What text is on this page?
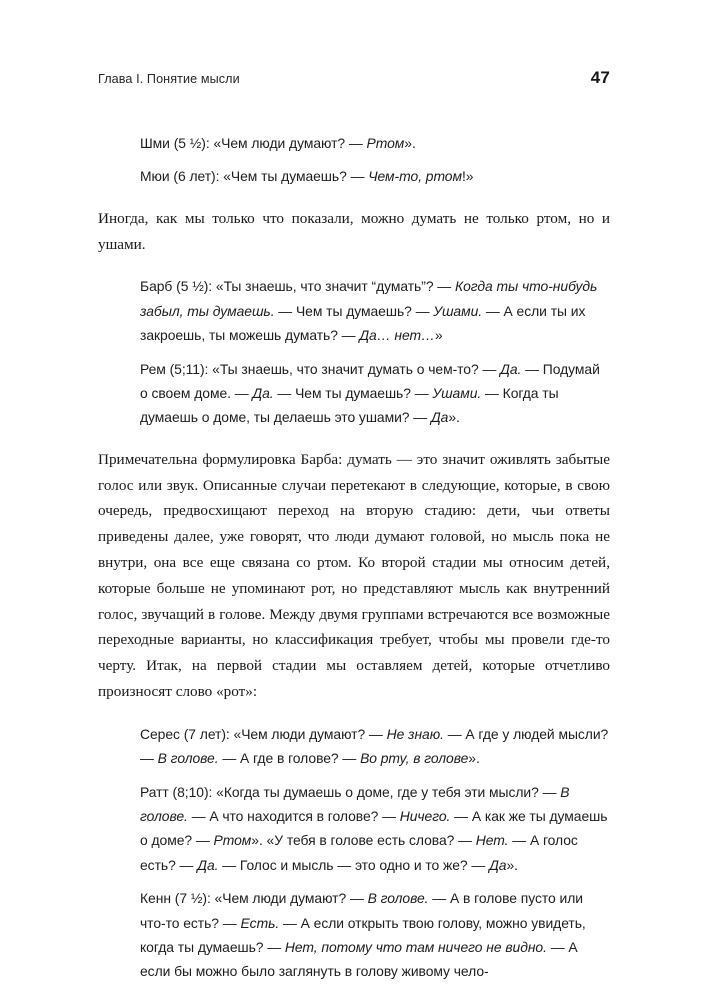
Глава I. Понятие мысли	47

Шми (5 ½): «Чем люди думают? — Ртом».

Мюи (6 лет): «Чем ты думаешь? — Чем-то, ртом!»

Иногда, как мы только что показали, можно думать не только ртом, но и ушами.

Барб (5 ½): «Ты знаешь, что значит “думать”? — Когда ты что-нибудь забыл, ты думаешь. — Чем ты думаешь? — Ушами. — А если ты их закроешь, ты можешь думать? — Да… нет…»

Рем (5;11): «Ты знаешь, что значит думать о чем-то? — Да. — Подумай о своем доме. — Да. — Чем ты думаешь? — Ушами. — Когда ты думаешь о доме, ты делаешь это ушами? — Да».

Примечательна формулировка Барба: думать — это значит оживлять забытые голос или звук. Описанные случаи перетекают в следующие, которые, в свою очередь, предвосхищают переход на вторую стадию: дети, чьи ответы приведены далее, уже говорят, что люди думают головой, но мысль пока не внутри, она все еще связана со ртом. Ко второй стадии мы относим детей, которые больше не упоминают рот, но представляют мысль как внутренний голос, звучащий в голове. Между двумя группами встречаются все возможные переходные варианты, но классификация требует, чтобы мы провели где-то черту. Итак, на первой стадии мы оставляем детей, которые отчетливо произносят слово «рот»:

Серес (7 лет): «Чем люди думают? — Не знаю. — А где у людей мысли? — В голове. — А где в голове? — Во рту, в голове».

Ратт (8;10): «Когда ты думаешь о доме, где у тебя эти мысли? — В голове. — А что находится в голове? — Ничего. — А как же ты думаешь о доме? — Ртом». «У тебя в голове есть слова? — Нет. — А голос есть? — Да. — Голос и мысль — это одно и то же? — Да».

Кенн (7 ½): «Чем люди думают? — В голове. — А в голове пусто или что-то есть? — Есть. — А если открыть твою голову, можно увидеть, когда ты думаешь? — Нет, потому что там ничего не видно. — А если бы можно было заглянуть в голову живому чело-
